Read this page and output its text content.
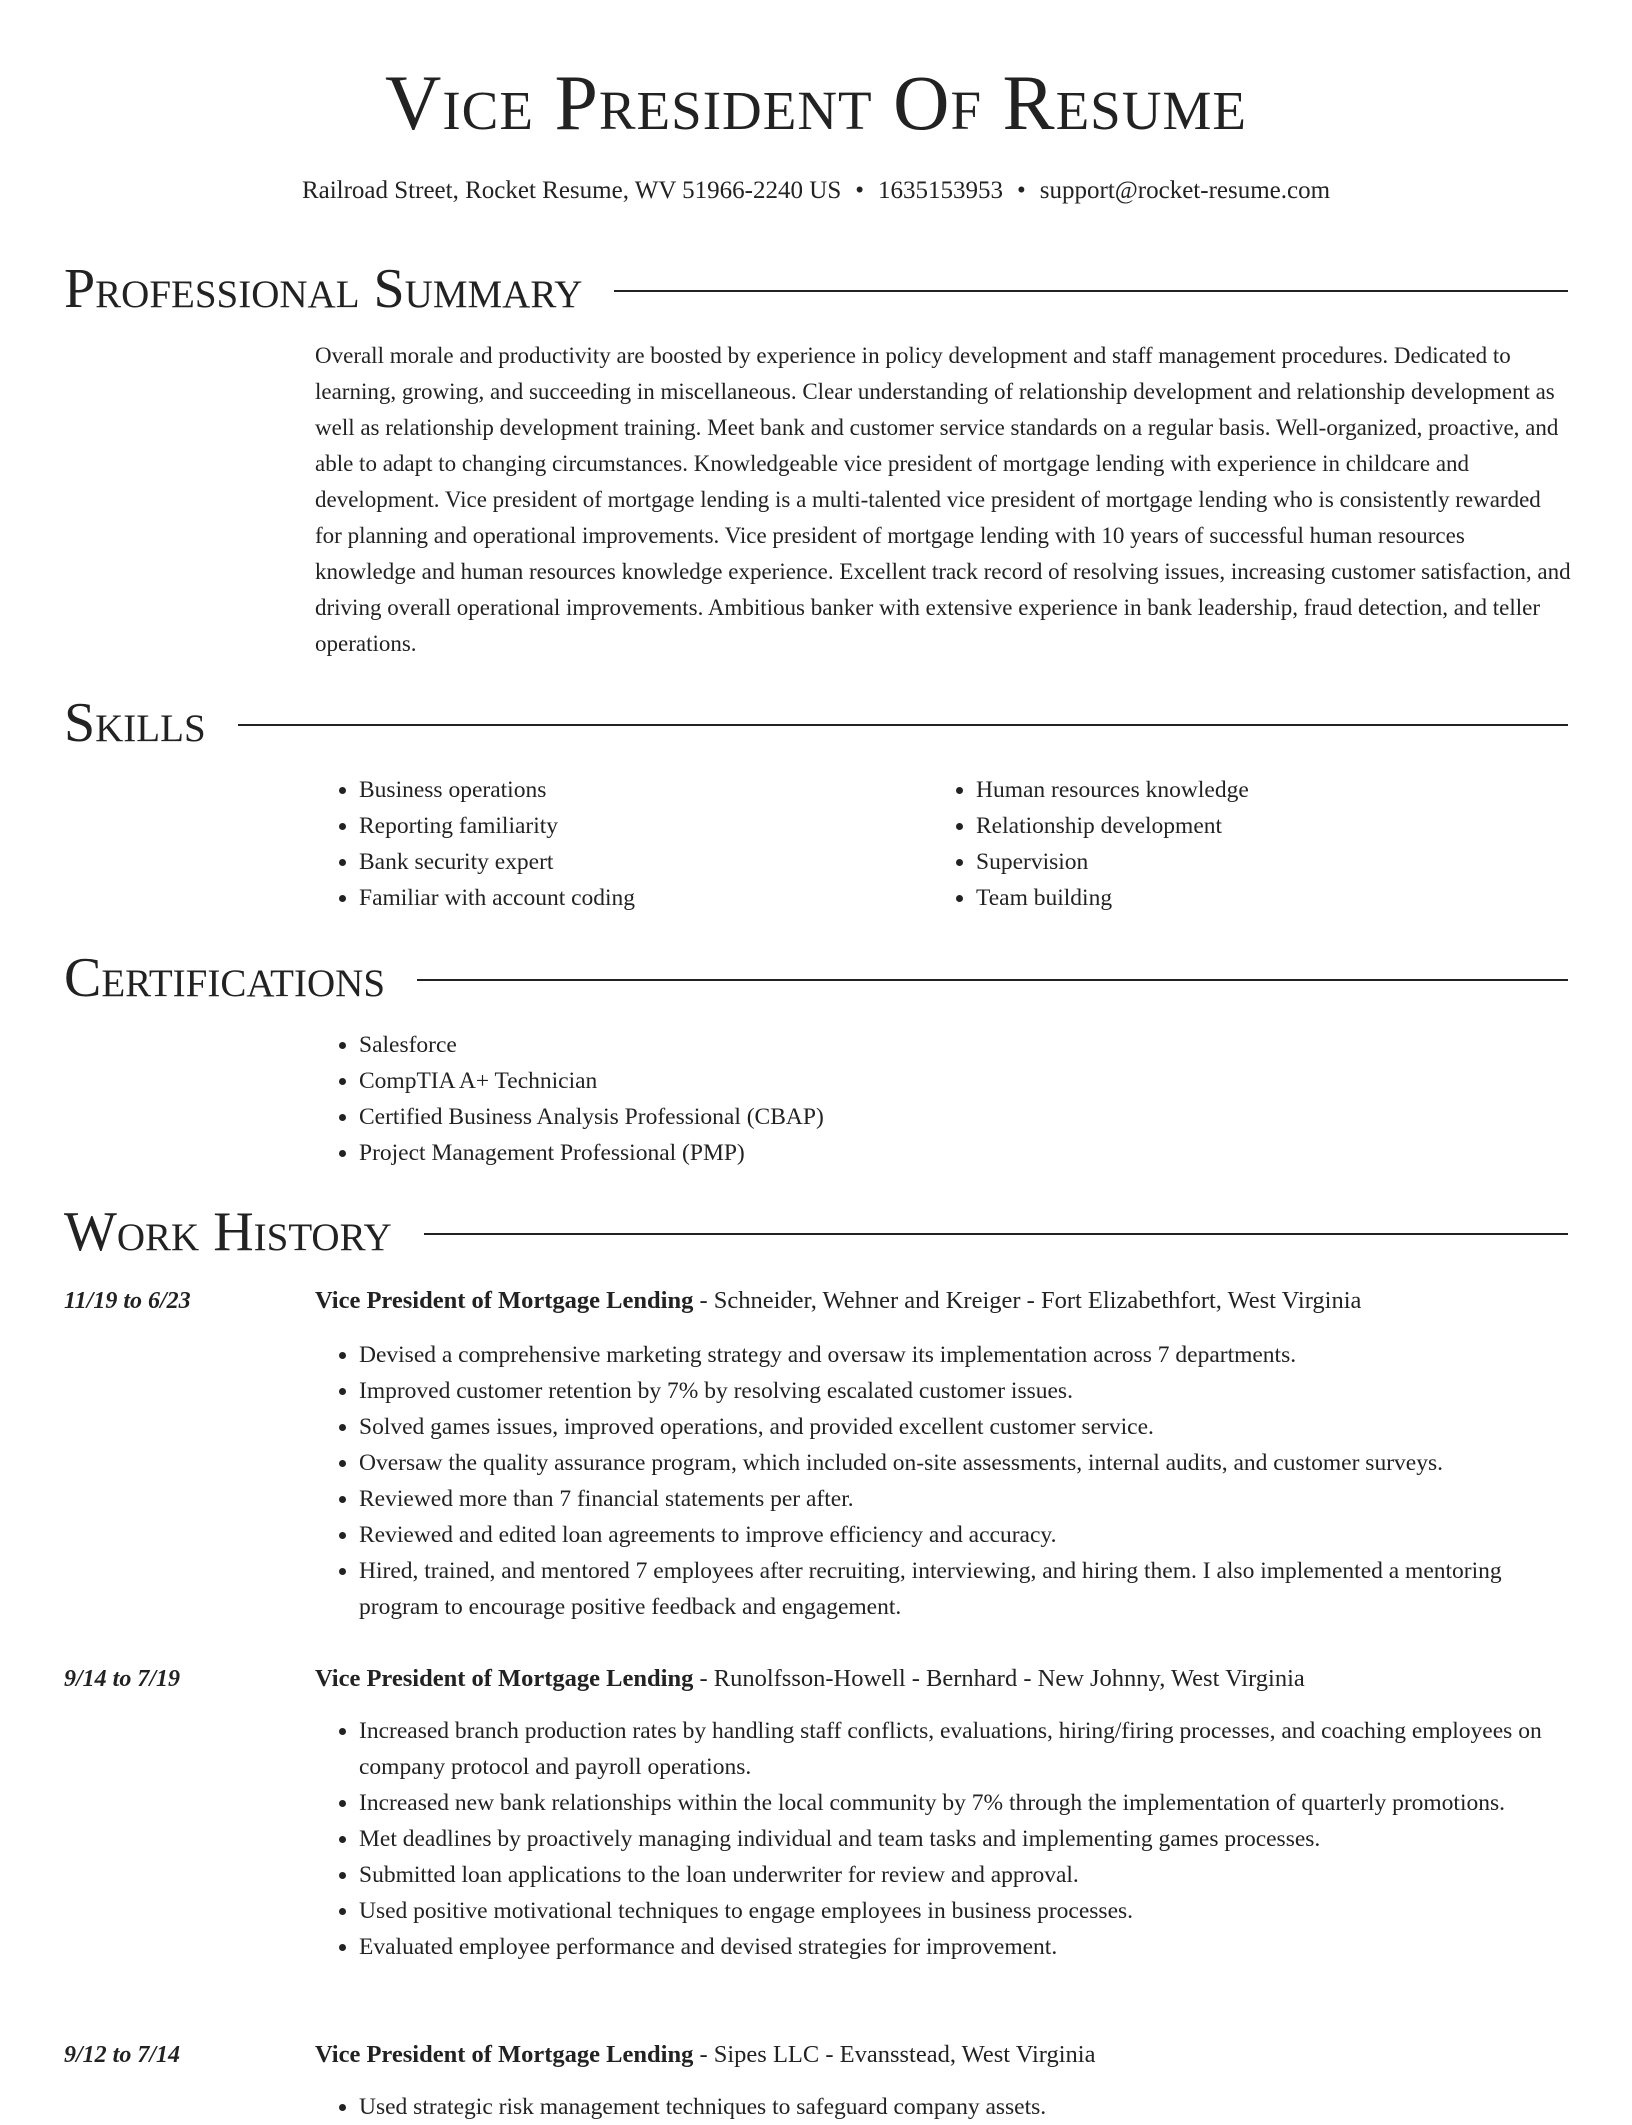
Vice President Of Resume
Railroad Street, Rocket Resume, WV 51966-2240 US • 1635153953 • support@rocket-resume.com
Professional Summary

Overall morale and productivity are boosted by experience in policy development and staff management procedures. Dedicated to learning, growing, and succeeding in miscellaneous. Clear understanding of relationship development and relationship development as well as relationship development training. Meet bank and customer service standards on a regular basis. Well-organized, proactive, and able to adapt to changing circumstances. Knowledgeable vice president of mortgage lending with experience in childcare and development. Vice president of mortgage lending is a multi-talented vice president of mortgage lending who is consistently rewarded for planning and operational improvements. Vice president of mortgage lending with 10 years of successful human resources knowledge and human resources knowledge experience. Excellent track record of resolving issues, increasing customer satisfaction, and driving overall operational improvements. Ambitious banker with extensive experience in bank leadership, fraud detection, and teller operations.

Skills
• Business operations
• Reporting familiarity
• Bank security expert
• Familiar with account coding
• Human resources knowledge
• Relationship development
• Supervision
• Team building
Certifications
• Salesforce
• CompTIA A+ Technician
• Certified Business Analysis Professional (CBAP)
• Project Management Professional (PMP)
Work History
11/19 to 6/23	Vice President of Mortgage Lending - Schneider, Wehner and Kreiger - Fort Elizabethfort, West Virginia
• Devised a comprehensive marketing strategy and oversaw its implementation across 7 departments.
• Improved customer retention by 7% by resolving escalated customer issues.
• Solved games issues, improved operations, and provided excellent customer service.
• Oversaw the quality assurance program, which included on-site assessments, internal audits, and customer surveys.
• Reviewed more than 7 financial statements per after.
• Reviewed and edited loan agreements to improve efficiency and accuracy.
• Hired, trained, and mentored 7 employees after recruiting, interviewing, and hiring them. I also implemented a mentoring program to encourage positive feedback and engagement.
9/14 to 7/19	Vice President of Mortgage Lending - Runolfsson-Howell - Bernhard - New Johnny, West Virginia
• Increased branch production rates by handling staff conflicts, evaluations, hiring/firing processes, and coaching employees on company protocol and payroll operations.
• Increased new bank relationships within the local community by 7% through the implementation of quarterly promotions.
• Met deadlines by proactively managing individual and team tasks and implementing games processes.
• Submitted loan applications to the loan underwriter for review and approval.
• Used positive motivational techniques to engage employees in business processes.
• Evaluated employee performance and devised strategies for improvement.
9/12 to 7/14	Vice President of Mortgage Lending - Sipes LLC - Evansstead, West Virginia
• Used strategic risk management techniques to safeguard company assets.
